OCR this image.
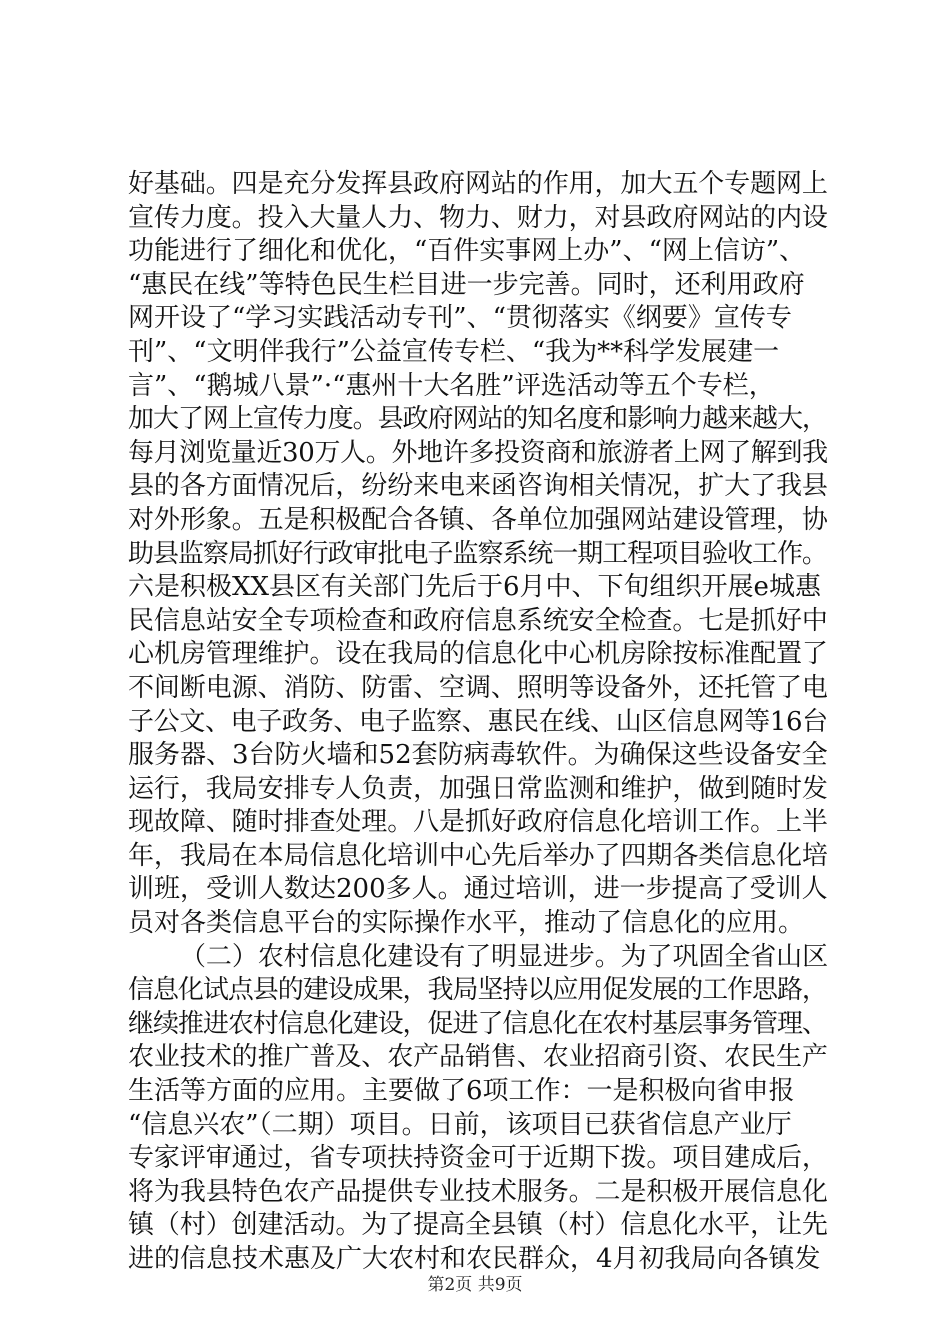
好基础。四是充分发挥县政府网站的作用，加大五个专题网上
宣传力度。投入大量人力、物力、财力，对县政府网站的内设
功能进行了细化和优化，“百件实事网上办”、“网上信访”、
“惠民在线”等特色民生栏目进一步完善。同时，还利用政府
网开设了“学习实践活动专刊”、“贯彻落实《纲要》宣传专
刊”、“文明伴我行”公益宣传专栏、“我为**科学发展建一
言”、“鹅城八景”·“惠州十大名胜”评选活动等五个专栏，
加大了网上宣传力度。县政府网站的知名度和影响力越来越大，
每月浏览量近30万人。外地许多投资商和旅游者上网了解到我
县的各方面情况后，纷纷来电来函咨询相关情况，扩大了我县
对外形象。五是积极配合各镇、各单位加强网站建设管理，协
助县监察局抓好行政审批电子监察系统一期工程项目验收工作。
六是积极XX县区有关部门先后于6月中、下旬组织开展e城惠
民信息站安全专项检查和政府信息系统安全检查。七是抓好中
心机房管理维护。设在我局的信息化中心机房除按标准配置了
不间断电源、消防、防雷、空调、照明等设备外，还托管了电
子公文、电子政务、电子监察、惠民在线、山区信息网等16台
服务器、3台防火墙和52套防病毒软件。为确保这些设备安全
运行，我局安排专人负责，加强日常监测和维护，做到随时发
现故障、随时排查处理。八是抓好政府信息化培训工作。上半
年，我局在本局信息化培训中心先后举办了四期各类信息化培
训班，受训人数达200多人。通过培训，进一步提高了受训人
员对各类信息平台的实际操作水平，推动了信息化的应用。
（二）农村信息化建设有了明显进步。为了巩固全省山区
信息化试点县的建设成果，我局坚持以应用促发展的工作思路，
继续推进农村信息化建设，促进了信息化在农村基层事务管理、
农业技术的推广普及、农产品销售、农业招商引资、农民生产
生活等方面的应用。主要做了6项工作：一是积极向省申报
“信息兴农”（二期）项目。日前，该项目已获省信息产业厅
专家评审通过，省专项扶持资金可于近期下拨。项目建成后，
将为我县特色农产品提供专业技术服务。二是积极开展信息化
镇（村）创建活动。为了提高全县镇（村）信息化水平，让先
进的信息技术惠及广大农村和农民群众，4月初我局向各镇发
第2页 共9页
